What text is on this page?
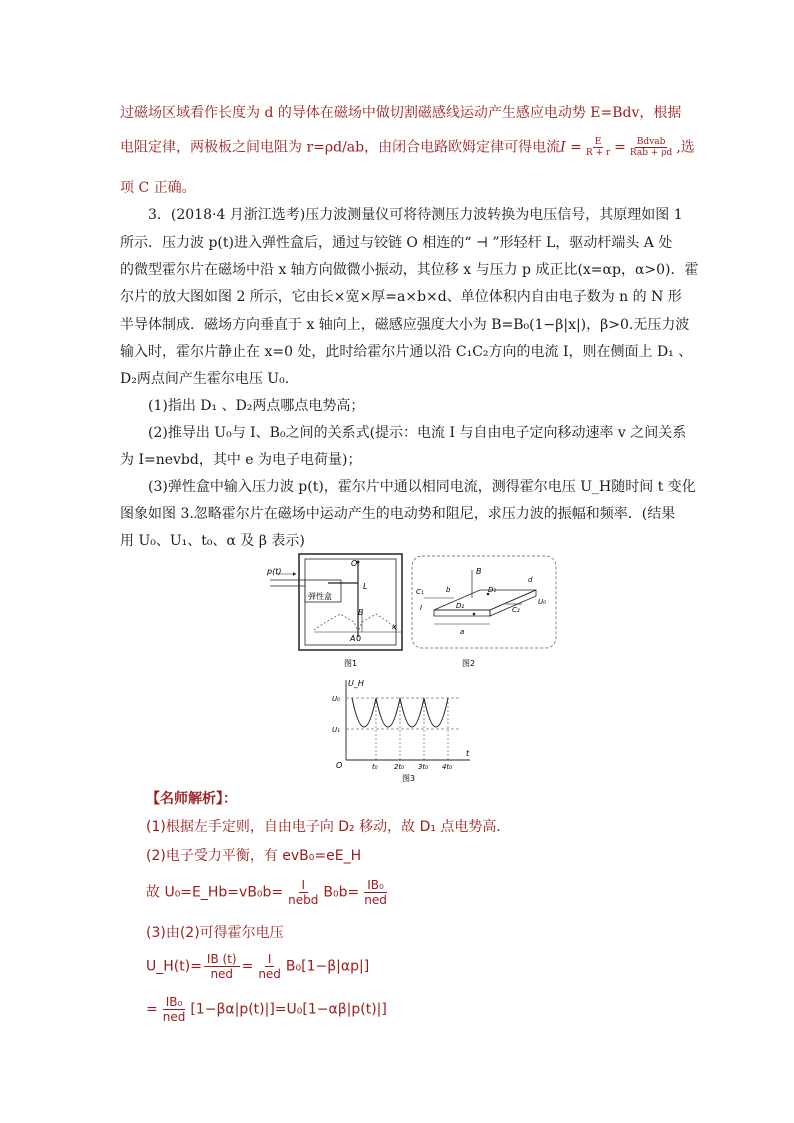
过磁场区域看作长度为 d 的导体在磁场中做切割磁感线运动产生感应电动势 E=Bdv，根据
电阻定律，两极板之间电阻为 r=ρd/ab，由闭合电路欧姆定律可得电流$I = \frac{E}{R + r} = \frac{\text{Bdvab}}{\text{Rab + ρd}}$ ,选
项 C 正确。
3．(2018·4 月浙江选考)压力波测量仪可将待测压力波转换为电压信号，其原理如图 1
所示．压力波 p(t)进入弹性盒后，通过与铰链 O 相连的“ ⊣ ”形轻杆 L，驱动杆端头 A 处
的微型霍尔片在磁场中沿 x 轴方向做微小振动，其位移 x 与压力 p 成正比(x=αp，α>0)．霍
尔片的放大图如图 2 所示，它由长×宽×厚=a×b×d、单位体积内自由电子数为 n 的 N 形
半导体制成．磁场方向垂直于 x 轴向上，磁感应强度大小为 B=B₀(1−β|x|)，β>0.无压力波
输入时，霍尔片静止在 x=0 处，此时给霍尔片通以沿 C₁C₂方向的电流 I，则在侧面上 D₁ 、
D₂两点间产生霍尔电压 U₀.
(1)指出 D₁ 、D₂两点哪点电势高；
(2)推导出 U₀与 I、B₀之间的关系式(提示：电流 I 与自由电子定向移动速率 v 之间关系
为 I=nevbd，其中 e 为电子电荷量)；
(3)弹性盒中输入压力波 p(t)，霍尔片中通以相同电流，测得霍尔电压 U_H随时间 t 变化
图象如图 3.忽略霍尔片在磁场中运动产生的电动势和阻尼，求压力波的振幅和频率．(结果
用 U₀、U₁、t₀、α 及 β 表示)
p(t)
弹性盒
O
L
B
A 0
x
图1
B
D₁
D₂
C₁
I	C₂
d
U₀
b
a
图2
U_H
t
O
U₀
U₁
t₀ 2t₀ 3t₀ 4t₀
图3
【名师解析】：
(1)根据左手定则，自由电子向 D₂ 移动，故 D₁ 点电势高．
(2)电子受力平衡，有 evB₀=eE_H
故 U₀=E_Hb=vB₀b= $\frac{I}{\text{nebd}} B_0b= \frac{\text{IB₀}}{\text{ned}}$
(3)由(2)可得霍尔电压
U_H(t)= $\frac{IB (t)}{\text{ned}} = \frac{I}{\text{ned}} B_0[1-\beta|\alpha p|]$
= $\frac{\text{IB₀}}{\text{ned}} [1-\beta\alpha|p(t)|]=U_0[1-\alpha\beta|p(t)|]$
